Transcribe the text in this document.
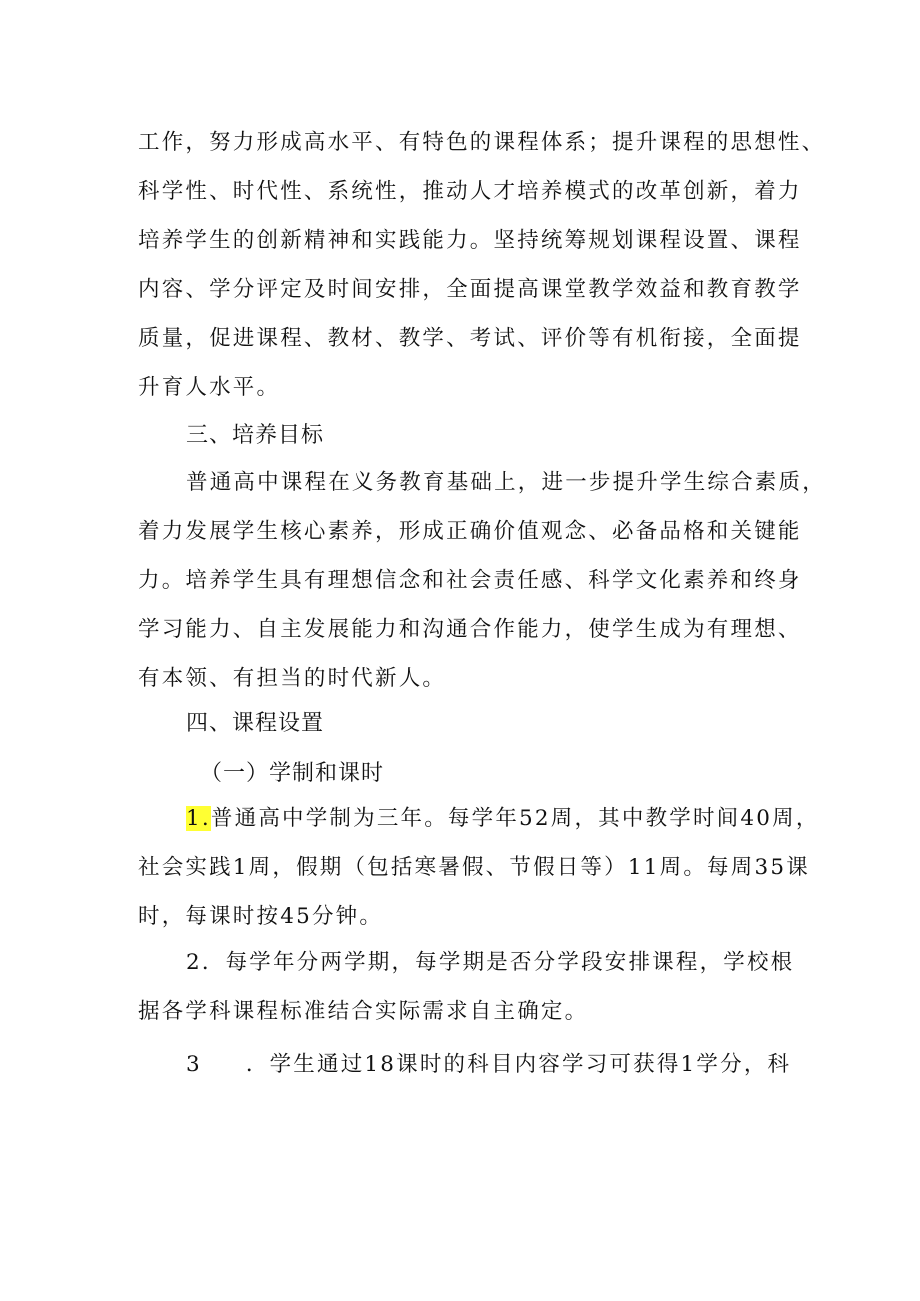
工作，努力形成高水平、有特色的课程体系；提升课程的思想性、
科学性、时代性、系统性，推动人才培养模式的改革创新，着力
培养学生的创新精神和实践能力。坚持统筹规划课程设置、课程
内容、学分评定及时间安排，全面提高课堂教学效益和教育教学
质量，促进课程、教材、教学、考试、评价等有机衔接，全面提
升育人水平。
三、培养目标
普通高中课程在义务教育基础上，进一步提升学生综合素质，
着力发展学生核心素养，形成正确价值观念、必备品格和关键能
力。培养学生具有理想信念和社会责任感、科学文化素养和终身
学习能力、自主发展能力和沟通合作能力，使学生成为有理想、
有本领、有担当的时代新人。
四、课程设置
（一）学制和课时
1.普通高中学制为三年。每学年52周，其中教学时间40周，
社会实践1周，假期（包括寒暑假、节假日等）11周。每周35课
时，每课时按45分钟。
2．每学年分两学期，每学期是否分学段安排课程，学校根
据各学科课程标准结合实际需求自主确定。
3 ．学生通过18课时的科目内容学习可获得1学分，科
